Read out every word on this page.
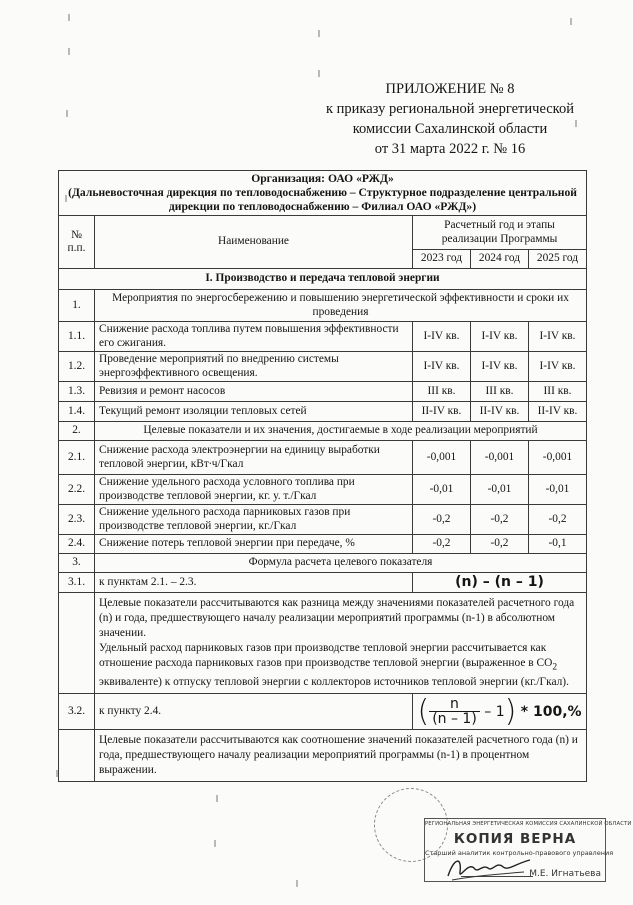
ПРИЛОЖЕНИЕ № 8
к приказу региональной энергетической
комиссии Сахалинской области
от 31 марта 2022 г. № 16
Организация: ОАО «РЖД»
(Дальневосточная дирекция по тепловодоснабжению – Структурное подразделение центральной дирекции по тепловодоснабжению – Филиал ОАО «РЖД»)				

№ п.п.	Наименование	Расчетный год и этапы реализации Программы		
		2023 год	2024 год	2025 год
I. Производство и передача тепловой энергии				
1.	Мероприятия по энергосбережению и повышению энергетической эффективности и сроки их проведения			
1.1.	Снижение расхода топлива путем повышения эффективности его сжигания.	I-IV кв.	I-IV кв.	I-IV кв.
1.2.	Проведение мероприятий по внедрению системы энергоэффективного освещения.	I-IV кв.	I-IV кв.	I-IV кв.
1.3.	Ревизия и ремонт насосов	III кв.	III кв.	III кв.
1.4.	Текущий ремонт изоляции тепловых сетей	II-IV кв.	II-IV кв.	II-IV кв.
2.	Целевые показатели и их значения, достигаемые в ходе реализации мероприятий			
2.1.	Снижение расхода электроэнергии на единицу выработки тепловой энергии, кВт∙ч/Гкал	-0,001	-0,001	-0,001
2.2.	Снижение удельного расхода условного топлива при производстве тепловой энергии, кг. у. т./Гкал	-0,01	-0,01	-0,01
2.3.	Снижение удельного расхода парниковых газов при производстве тепловой энергии, кг./Гкал	-0,2	-0,2	-0,2
2.4.	Снижение потерь тепловой энергии при передаче, %	-0,2	-0,2	-0,1
3.	Формула расчета целевого показателя			
3.1.	к пунктам 2.1. – 2.3.	(n) – (n – 1)		

	Целевые показатели рассчитываются как разница между значениями показателей расчетного года (n) и года, предшествующего началу реализации мероприятий программы (n-1) в абсолютном значении.
Удельный расход парниковых газов при производстве тепловой энергии рассчитывается как отношение расхода парниковых газов при производстве тепловой энергии (выраженное в $CO_2$ эквиваленте) к отпуску тепловой энергии с коллекторов источников тепловой энергии (кг./Гкал).			

3.2.	к пункту 2.4.	( $\frac{n}{(n - 1)} - 1) * 100,\%$		
	Целевые показатели рассчитываются как соотношение значений показателей расчетного года (n) и года, предшествующего началу реализации мероприятий программы (n-1) в процентном выражении.			
РЕГИОНАЛЬНАЯ ЭНЕРГЕТИЧЕСКАЯ КОМИССИЯ САХАЛИНСКОЙ ОБЛАСТИ
КОПИЯ ВЕРНА
Старший аналитик контрольно-правового управления
М.Е. Игнатьева
